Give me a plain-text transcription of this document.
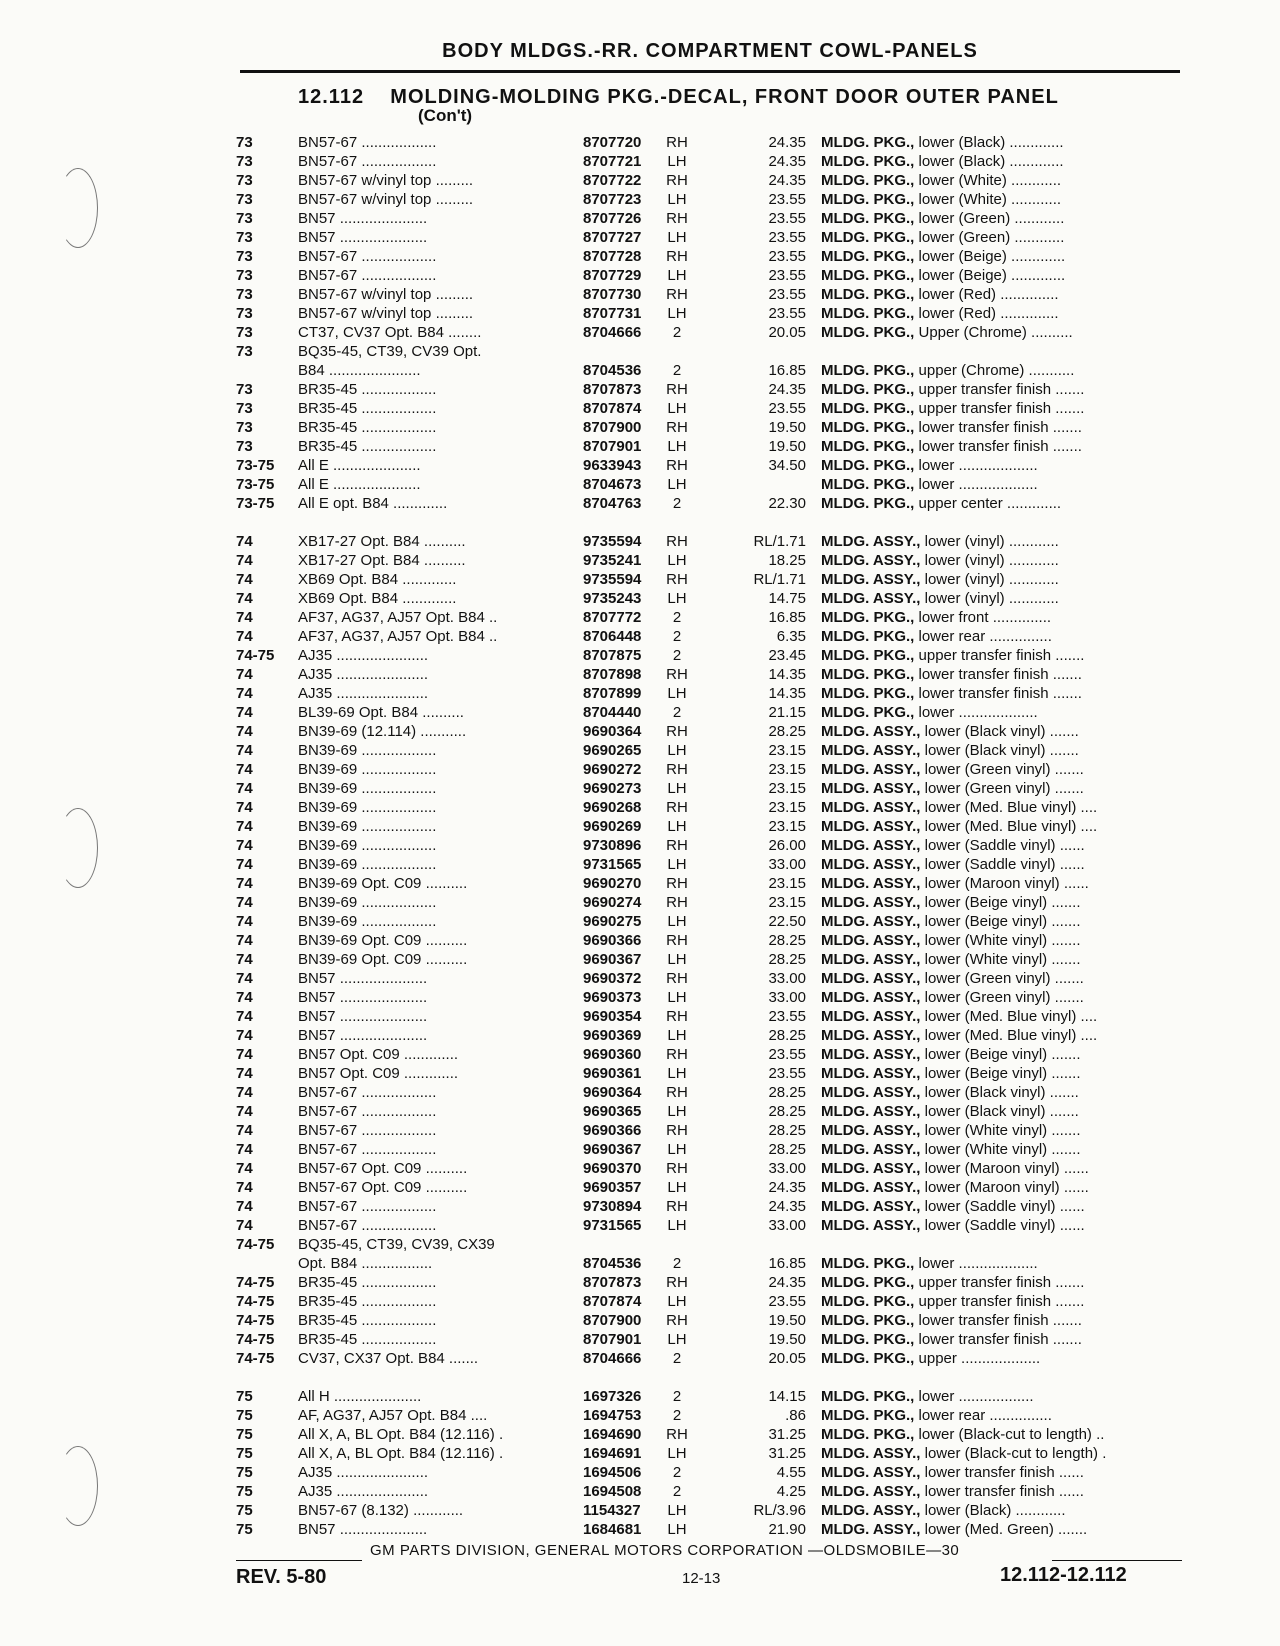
BODY MLDGS.-RR. COMPARTMENT COWL-PANELS
12.112    MOLDING-MOLDING PKG.-DECAL, FRONT DOOR OUTER PANEL
(Con't)
73	BN57-67 ..................	8707720	RH	24.35 MLDG. PKG., lower (Black) .............
73	BN57-67 ..................	8707721	LH	24.35 MLDG. PKG., lower (Black) .............
73	BN57-67 w/vinyl top .........	8707722	RH	24.35 MLDG. PKG., lower (White) ............
73	BN57-67 w/vinyl top .........	8707723	LH	23.55 MLDG. PKG., lower (White) ............
73	BN57 .....................	8707726	RH	23.55 MLDG. PKG., lower (Green) ............
73	BN57 .....................	8707727	LH	23.55 MLDG. PKG., lower (Green) ............
73	BN57-67 ..................	8707728	RH	23.55 MLDG. PKG., lower (Beige) .............
73	BN57-67 ..................	8707729	LH	23.55 MLDG. PKG., lower (Beige) .............
73	BN57-67 w/vinyl top .........	8707730	RH	23.55 MLDG. PKG., lower (Red) ..............
73	BN57-67 w/vinyl top .........	8707731	LH	23.55 MLDG. PKG., lower (Red) ..............
73	CT37, CV37 Opt. B84 ........	8704666	2	20.05 MLDG. PKG., Upper (Chrome) ..........
73	BQ35-45, CT39, CV39 Opt.
B84 ......................	8704536	2	16.85 MLDG. PKG., upper (Chrome) ...........
73	BR35-45 ..................	8707873	RH	24.35 MLDG. PKG., upper transfer finish .......
73	BR35-45 ..................	8707874	LH	23.55 MLDG. PKG., upper transfer finish .......
73	BR35-45 ..................	8707900	RH	19.50 MLDG. PKG., lower transfer finish .......
73	BR35-45 ..................	8707901	LH	19.50 MLDG. PKG., lower transfer finish .......
73-75 All E .....................	9633943	RH	34.50 MLDG. PKG., lower ...................
73-75 All E .....................	8704673	LH	MLDG. PKG., lower ...................
73-75 All E opt. B84 .............	8704763	2	22.30 MLDG. PKG., upper center .............
74	XB17-27 Opt. B84 ..........	9735594	RH	RL/1.71 MLDG. ASSY., lower (vinyl) ............
74	XB17-27 Opt. B84 ..........	9735241	LH	18.25 MLDG. ASSY., lower (vinyl) ............
74	XB69 Opt. B84 .............	9735594	RH	RL/1.71 MLDG. ASSY., lower (vinyl) ............
74	XB69 Opt. B84 .............	9735243	LH	14.75 MLDG. ASSY., lower (vinyl) ............
74	AF37, AG37, AJ57 Opt. B84 ..	8707772	2	16.85 MLDG. PKG., lower front ..............
74	AF37, AG37, AJ57 Opt. B84 ..	8706448	2	6.35 MLDG. PKG., lower rear ...............
74-75 AJ35 ......................	8707875	2	23.45 MLDG. PKG., upper transfer finish .......
74	AJ35 ......................	8707898	RH	14.35 MLDG. PKG., lower transfer finish .......
74	AJ35 ......................	8707899	LH	14.35 MLDG. PKG., lower transfer finish .......
74	BL39-69 Opt. B84 ..........	8704440	2	21.15 MLDG. PKG., lower ...................
74	BN39-69 (12.114) ...........	9690364	RH	28.25 MLDG. ASSY., lower (Black vinyl) .......
74	BN39-69 ..................	9690265	LH	23.15 MLDG. ASSY., lower (Black vinyl) .......
74	BN39-69 ..................	9690272	RH	23.15 MLDG. ASSY., lower (Green vinyl) .......
74	BN39-69 ..................	9690273	LH	23.15 MLDG. ASSY., lower (Green vinyl) .......
74	BN39-69 ..................	9690268	RH	23.15 MLDG. ASSY., lower (Med. Blue vinyl) ....
74	BN39-69 ..................	9690269	LH	23.15 MLDG. ASSY., lower (Med. Blue vinyl) ....
74	BN39-69 ..................	9730896	RH	26.00 MLDG. ASSY., lower (Saddle vinyl) ......
74	BN39-69 ..................	9731565	LH	33.00 MLDG. ASSY., lower (Saddle vinyl) ......
74	BN39-69 Opt. C09 ..........	9690270	RH	23.15 MLDG. ASSY., lower (Maroon vinyl) ......
74	BN39-69 ..................	9690274	RH	23.15 MLDG. ASSY., lower (Beige vinyl) .......
74	BN39-69 ..................	9690275	LH	22.50 MLDG. ASSY., lower (Beige vinyl) .......
74	BN39-69 Opt. C09 ..........	9690366	RH	28.25 MLDG. ASSY., lower (White vinyl) .......
74	BN39-69 Opt. C09 ..........	9690367	LH	28.25 MLDG. ASSY., lower (White vinyl) .......
74	BN57 .....................	9690372	RH	33.00 MLDG. ASSY., lower (Green vinyl) .......
74	BN57 .....................	9690373	LH	33.00 MLDG. ASSY., lower (Green vinyl) .......
74	BN57 .....................	9690354	RH	23.55 MLDG. ASSY., lower (Med. Blue vinyl) ....
74	BN57 .....................	9690369	LH	28.25 MLDG. ASSY., lower (Med. Blue vinyl) ....
74	BN57 Opt. C09 .............	9690360	RH	23.55 MLDG. ASSY., lower (Beige vinyl) .......
74	BN57 Opt. C09 .............	9690361	LH	23.55 MLDG. ASSY., lower (Beige vinyl) .......
74	BN57-67 ..................	9690364	RH	28.25 MLDG. ASSY., lower (Black vinyl) .......
74	BN57-67 ..................	9690365	LH	28.25 MLDG. ASSY., lower (Black vinyl) .......
74	BN57-67 ..................	9690366	RH	28.25 MLDG. ASSY., lower (White vinyl) .......
74	BN57-67 ..................	9690367	LH	28.25 MLDG. ASSY., lower (White vinyl) .......
74	BN57-67 Opt. C09 ..........	9690370	RH	33.00 MLDG. ASSY., lower (Maroon vinyl) ......
74	BN57-67 Opt. C09 ..........	9690357	LH	24.35 MLDG. ASSY., lower (Maroon vinyl) ......
74	BN57-67 ..................	9730894	RH	24.35 MLDG. ASSY., lower (Saddle vinyl) ......
74	BN57-67 ..................	9731565	LH	33.00 MLDG. ASSY., lower (Saddle vinyl) ......
74-75 BQ35-45, CT39, CV39, CX39
Opt. B84 .................	8704536	2	16.85 MLDG. PKG., lower ...................
74-75 BR35-45 ..................	8707873	RH	24.35 MLDG. PKG., upper transfer finish .......
74-75 BR35-45 ..................	8707874	LH	23.55 MLDG. PKG., upper transfer finish .......
74-75 BR35-45 ..................	8707900	RH	19.50 MLDG. PKG., lower transfer finish .......
74-75 BR35-45 ..................	8707901	LH	19.50 MLDG. PKG., lower transfer finish .......
74-75 CV37, CX37 Opt. B84 .......	8704666	2	20.05 MLDG. PKG., upper ...................
75	All H .....................	1697326	2	14.15 MLDG. PKG., lower ..................
75	AF, AG37, AJ57 Opt. B84 ....	1694753	2	.86 MLDG. PKG., lower rear ...............
75	All X, A, BL Opt. B84 (12.116) .	1694690	RH	31.25 MLDG. PKG., lower (Black-cut to length) ..
75	All X, A, BL Opt. B84 (12.116) .	1694691	LH	31.25 MLDG. ASSY., lower (Black-cut to length) .
75	AJ35 ......................	1694506	2	4.55 MLDG. ASSY., lower transfer finish ......
75	AJ35 ......................	1694508	2	4.25 MLDG. ASSY., lower transfer finish ......
75	BN57-67 (8.132) ............	1154327	LH	RL/3.96 MLDG. ASSY., lower (Black) ............
75	BN57 .....................	1684681	LH	21.90 MLDG. ASSY., lower (Med. Green) .......
GM PARTS DIVISION, GENERAL MOTORS CORPORATION —OLDSMOBILE—30
REV. 5-80	12-13	12.112-12.112
